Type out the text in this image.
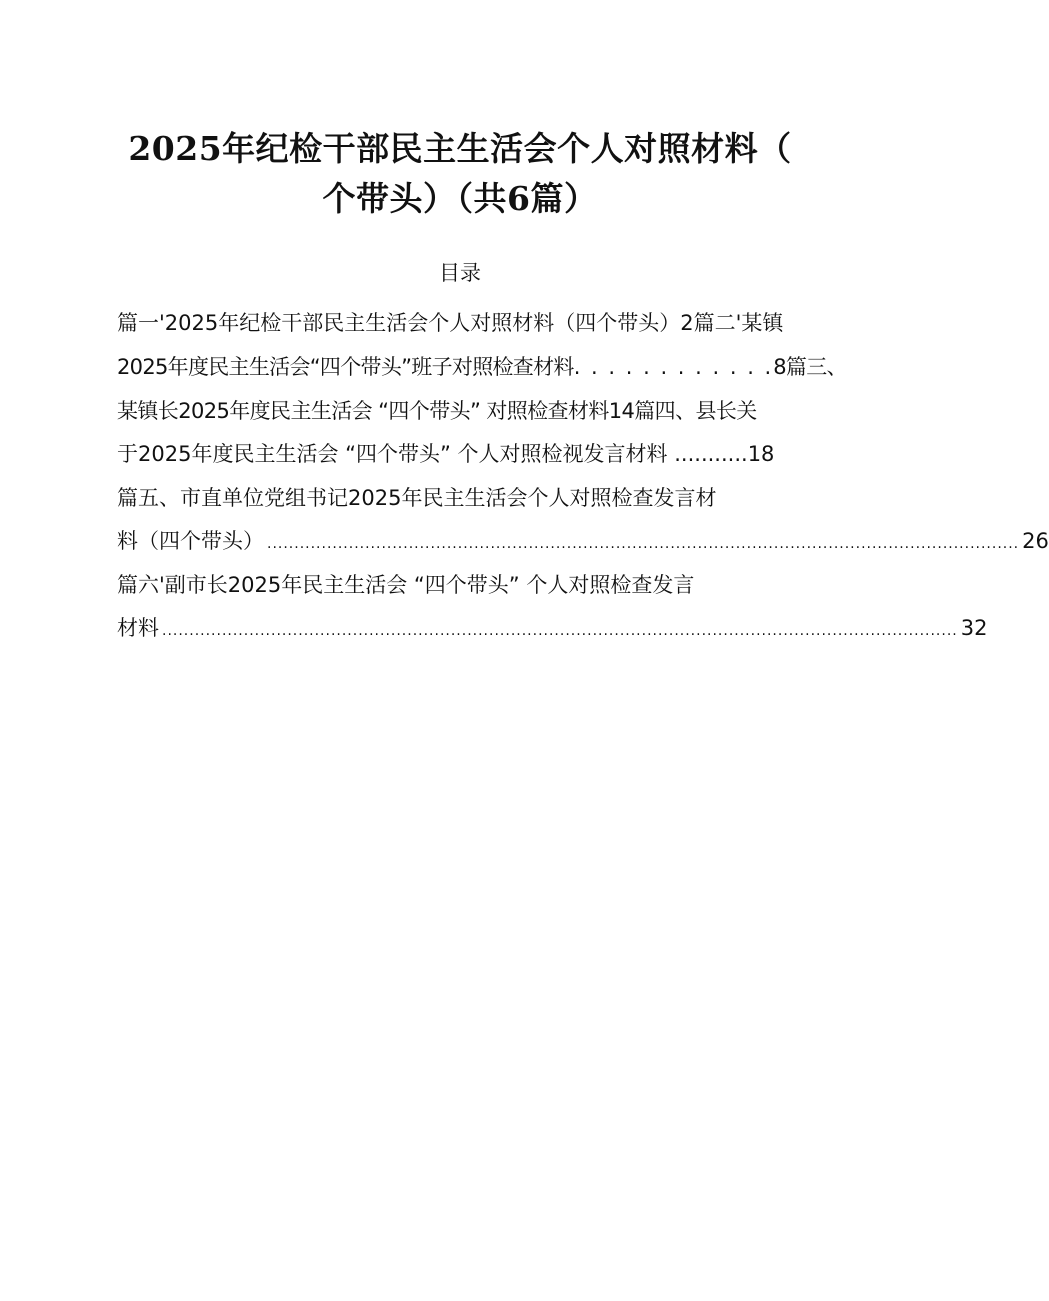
2025年纪检干部民主生活会个人对照材料（
个带头）（共6篇）
目录
篇一'2025年纪检干部民主生活会个人对照材料（四个带头）2篇二'某镇
2025年度民主生活会“四个带头”班子对照检查材料. . . . . . . . . . . .8篇三、
某镇长2025年度民主生活会 “四个带头” 对照检查材料14篇四、县长关
于2025年度民主生活会 “四个带头” 个人对照检视发言材料 ...........18
篇五、市直单位党组书记2025年民主生活会个人对照检查发言材
料（四个带头） .......................................................................................................................................... 26
篇六'副市长2025年民主生活会 “四个带头” 个人对照检查发言
材料 .................................................................................................................................................. 32
